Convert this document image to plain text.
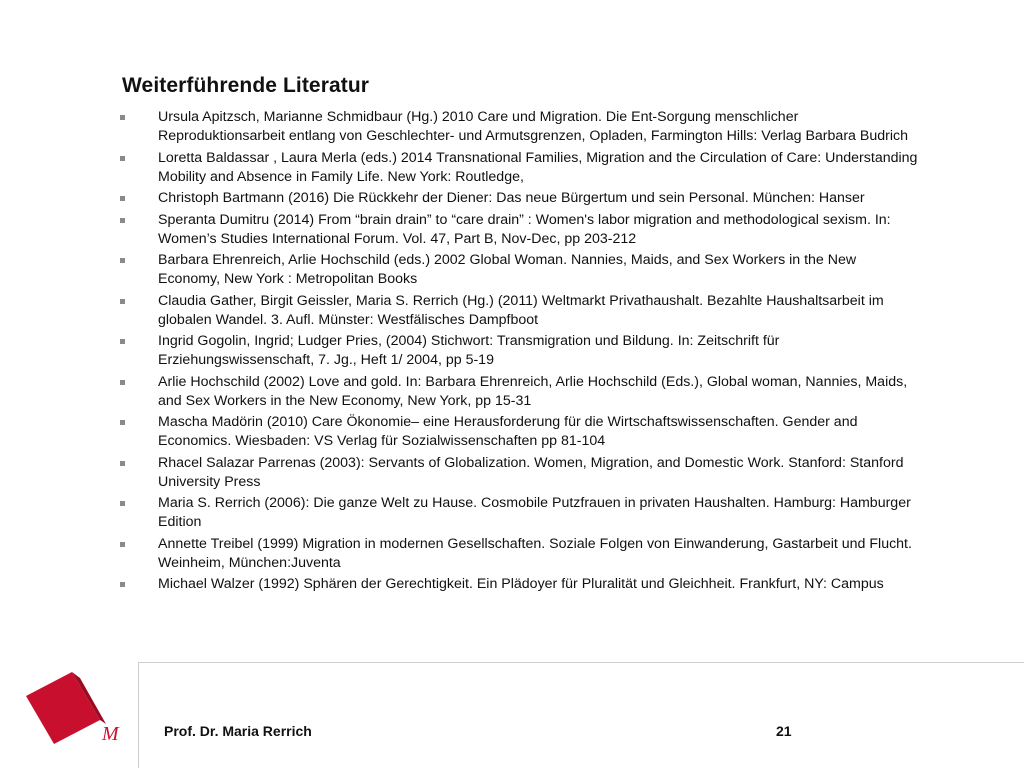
Weiterführende Literatur
Ursula Apitzsch, Marianne Schmidbaur (Hg.) 2010 Care und Migration. Die Ent-Sorgung menschlicher Reproduktionsarbeit entlang von Geschlechter- und Armutsgrenzen, Opladen, Farmington Hills: Verlag Barbara Budrich
Loretta Baldassar , Laura Merla (eds.) 2014 Transnational Families, Migration and the Circulation of Care: Understanding Mobility and Absence in Family Life. New York: Routledge,
Christoph Bartmann (2016) Die Rückkehr der Diener: Das neue Bürgertum und sein Personal. München: Hanser
Speranta Dumitru (2014) From “brain drain” to “care drain” : Women's labor migration and methodological sexism. In: Women’s Studies International Forum. Vol. 47, Part B, Nov-Dec, pp 203-212
Barbara Ehrenreich, Arlie Hochschild (eds.) 2002 Global Woman. Nannies, Maids, and Sex Workers in the New Economy, New York : Metropolitan Books
Claudia Gather, Birgit Geissler, Maria S. Rerrich (Hg.) (2011) Weltmarkt Privathaushalt. Bezahlte Haushaltsarbeit im globalen Wandel. 3. Aufl. Münster: Westfälisches Dampfboot
Ingrid Gogolin, Ingrid; Ludger Pries, (2004) Stichwort: Transmigration und Bildung. In: Zeitschrift für Erziehungswissenschaft, 7. Jg., Heft 1/ 2004, pp 5-19
Arlie Hochschild (2002) Love and gold. In: Barbara Ehrenreich, Arlie Hochschild (Eds.), Global woman, Nannies, Maids, and Sex Workers in the New Economy, New York, pp 15-31
Mascha Madörin (2010) Care Ökonomie– eine Herausforderung für die Wirtschaftswissenschaften. Gender and Economics. Wiesbaden: VS Verlag für Sozialwissenschaften pp 81-104
Rhacel Salazar Parrenas (2003): Servants of Globalization. Women, Migration, and Domestic Work. Stanford: Stanford University Press
Maria S. Rerrich (2006): Die ganze Welt zu Hause. Cosmobile Putzfrauen in privaten Haushalten. Hamburg: Hamburger Edition
Annette Treibel (1999) Migration in modernen Gesellschaften. Soziale Folgen von Einwanderung, Gastarbeit und Flucht. Weinheim, München:Juventa
Michael Walzer (1992) Sphären der Gerechtigkeit. Ein Plädoyer für Pluralität und Gleichheit. Frankfurt, NY: Campus
M	Prof. Dr. Maria Rerrich	21
